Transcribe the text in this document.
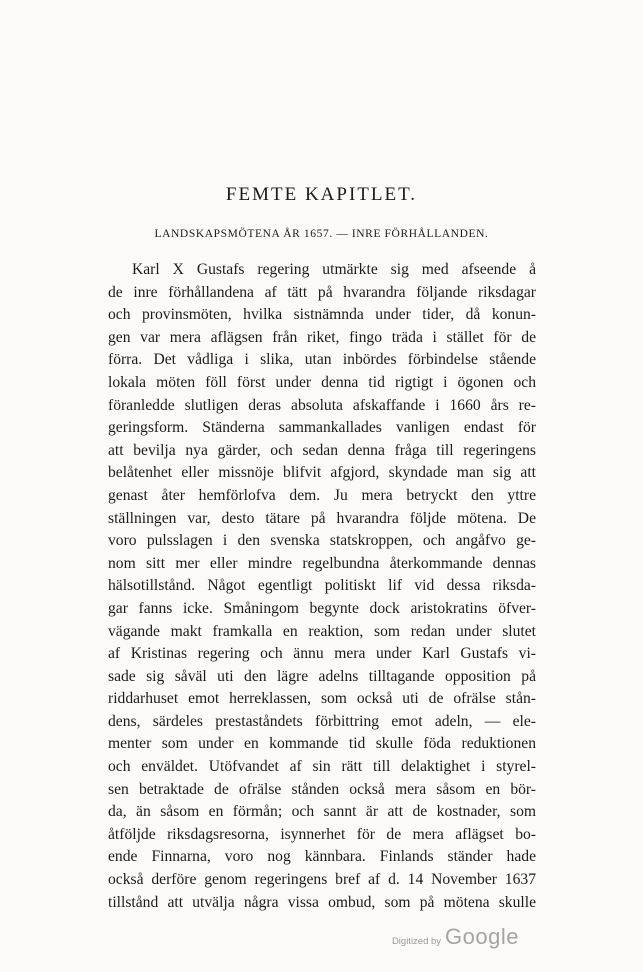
FEMTE KAPITLET.
LANDSKAPSMÖTENA ÅR 1657. — INRE FÖRHÅLLANDEN.
Karl X Gustafs regering utmärkte sig med afseende å
de inre förhållandena af tätt på hvarandra följande riksdagar
och provinsmöten, hvilka sistnämnda under tider, då konun-
gen var mera aflägsen från riket, fingo träda i stället för de
förra. Det vådliga i slika, utan inbördes förbindelse stående
lokala möten föll först under denna tid rigtigt i ögonen och
föranledde slutligen deras absoluta afskaffande i 1660 års re-
geringsform. Ständerna sammankallades vanligen endast för
att bevilja nya gärder, och sedan denna fråga till regeringens
belåtenhet eller missnöje blifvit afgjord, skyndade man sig att
genast åter hemförlofva dem. Ju mera betryckt den yttre
ställningen var, desto tätare på hvarandra följde mötena. De
voro pulsslagen i den svenska statskroppen, och angåfvo ge-
nom sitt mer eller mindre regelbundna återkommande dennas
hälsotillstånd. Något egentligt politiskt lif vid dessa riksda-
gar fanns icke. Småningom begynte dock aristokratins öfver-
vägande makt framkalla en reaktion, som redan under slutet
af Kristinas regering och ännu mera under Karl Gustafs vi-
sade sig såväl uti den lägre adelns tilltagande opposition på
riddarhuset emot herreklassen, som också uti de ofrälse stån-
dens, särdeles prestaståndets förbittring emot adeln, — ele-
menter som under en kommande tid skulle föda reduktionen
och enväldet. Utöfvandet af sin rätt till delaktighet i styrel-
sen betraktade de ofrälse stånden också mera såsom en bör-
da, än såsom en förmån; och sannt är att de kostnader, som
åtföljde riksdagsresorna, isynnerhet för de mera aflägset bo-
ende Finnarna, voro nog kännbara. Finlands ständer hade
också derföre genom regeringens bref af d. 14 November 1637
tillstånd att utvälja några vissa ombud, som på mötena skulle
Digitized by Google
